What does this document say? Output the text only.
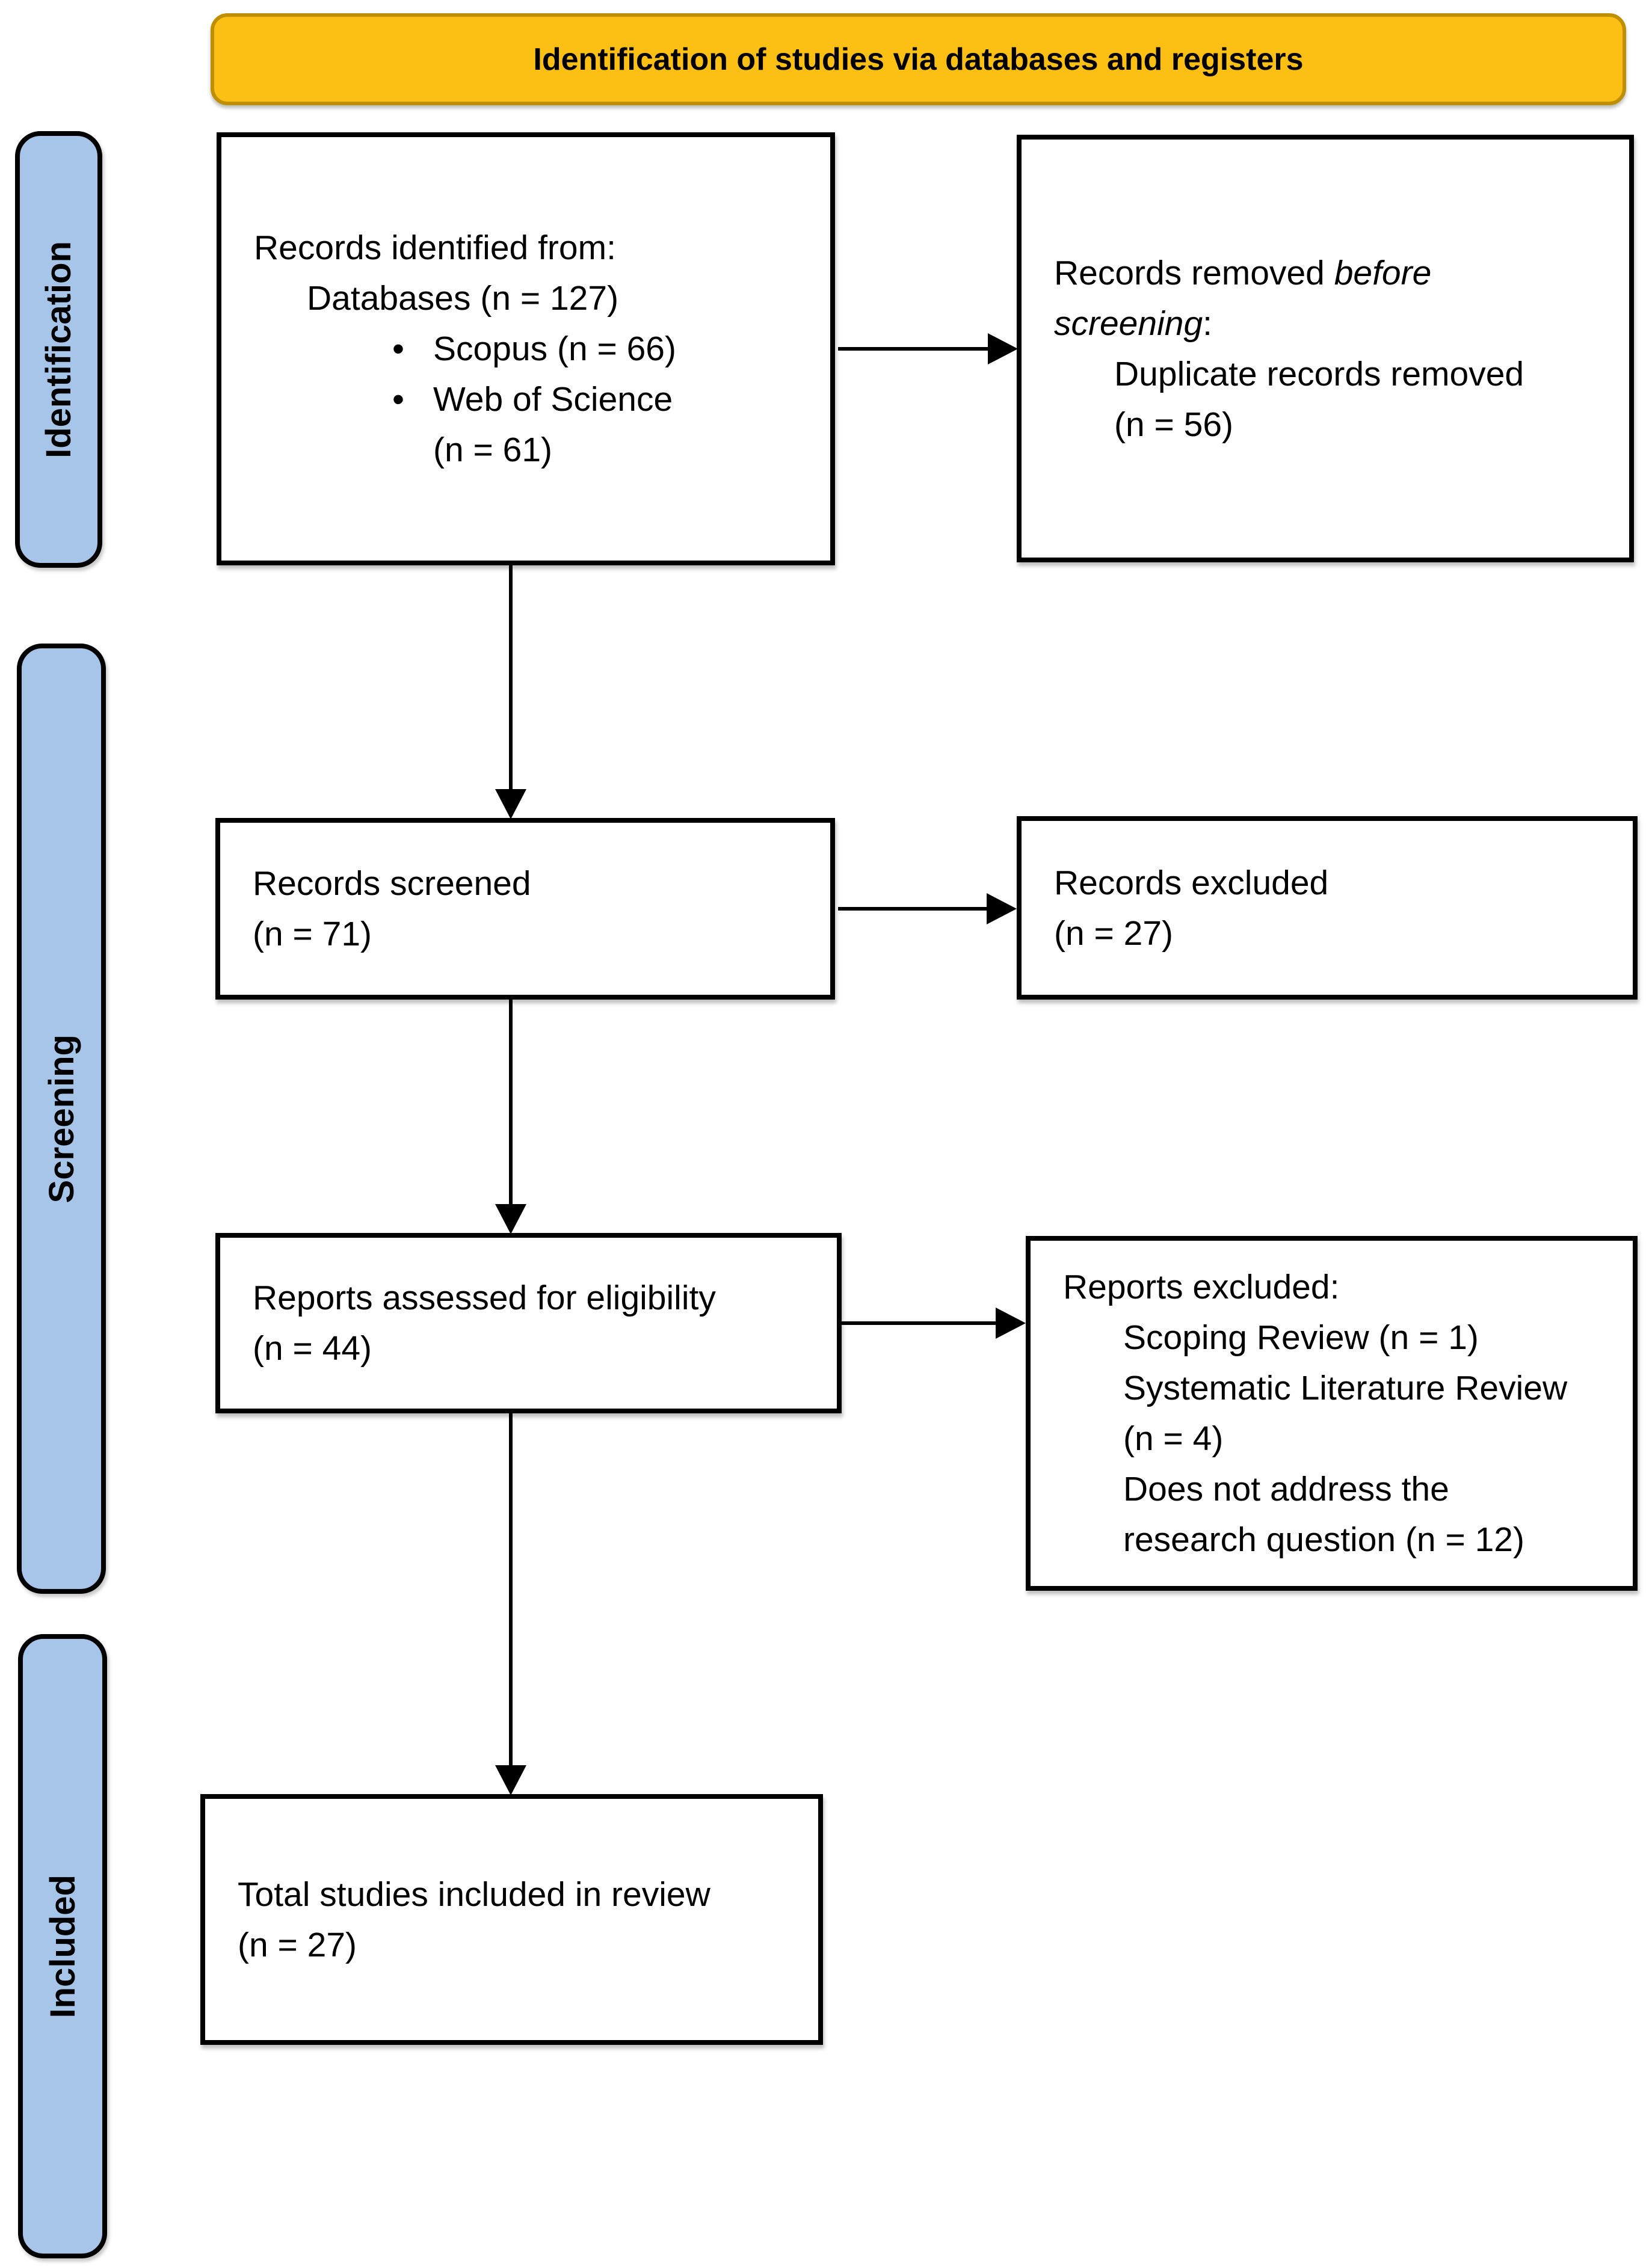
Identification of studies via databases and registers
Identification
Screening
Included
Records identified from:
Databases (n = 127)
• Scopus (n = 66)
• Web of Science
(n = 61)
Records removed before
screening:
Duplicate records removed
(n = 56)
Records screened
(n = 71)
Records excluded
(n = 27)
Reports assessed for eligibility
(n = 44)
Reports excluded:
Scoping Review (n = 1)
Systematic Literature Review
(n = 4)
Does not address the
research question (n = 12)
Total studies included in review
(n = 27)
